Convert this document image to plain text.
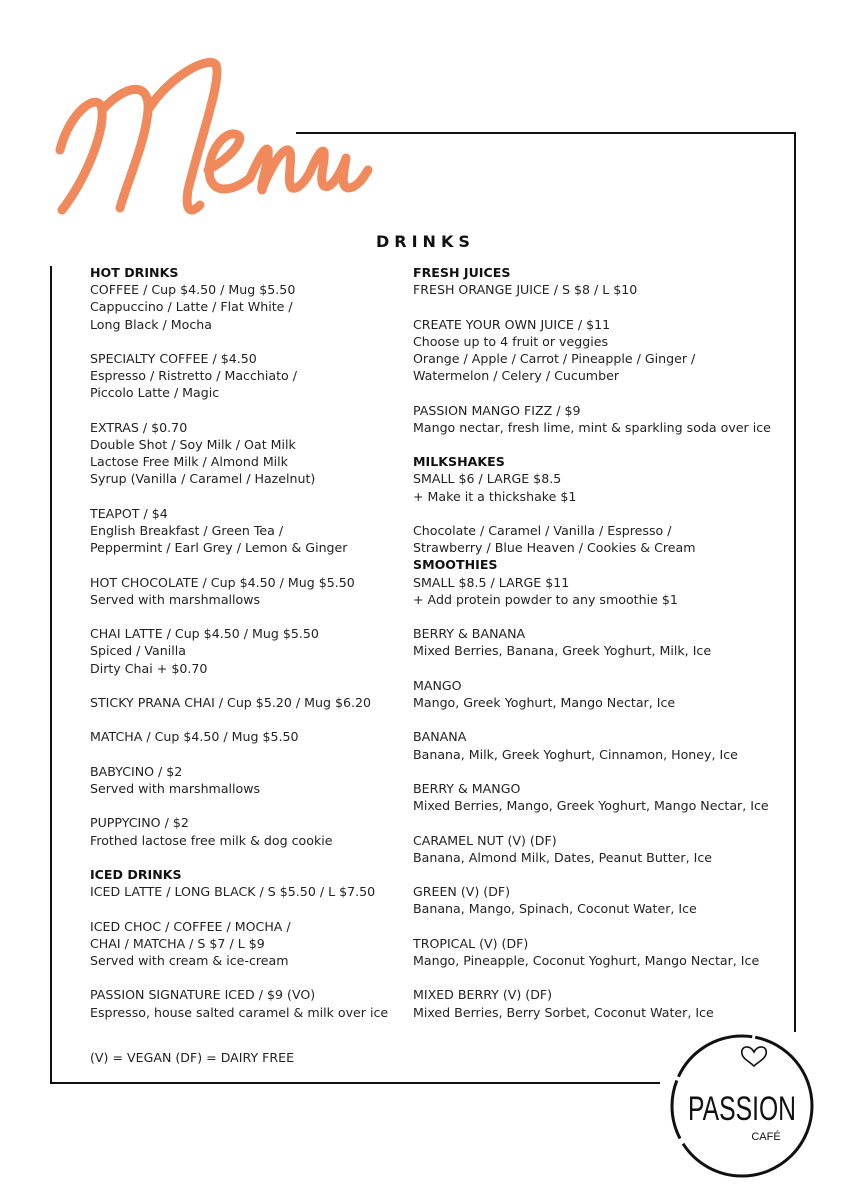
DRINKS
HOT DRINKS
COFFEE / Cup $4.50 / Mug $5.50
Cappuccino / Latte / Flat White /
Long Black / Mocha
SPECIALTY COFFEE / $4.50
Espresso / Ristretto / Macchiato /
Piccolo Latte / Magic
EXTRAS / $0.70
Double Shot / Soy Milk / Oat Milk
Lactose Free Milk / Almond Milk
Syrup (Vanilla / Caramel / Hazelnut)
TEAPOT / $4
English Breakfast / Green Tea /
Peppermint / Earl Grey / Lemon & Ginger
HOT CHOCOLATE / Cup $4.50 / Mug $5.50
Served with marshmallows
CHAI LATTE / Cup $4.50 / Mug $5.50
Spiced / Vanilla
Dirty Chai + $0.70
STICKY PRANA CHAI / Cup $5.20 / Mug $6.20
MATCHA / Cup $4.50 / Mug $5.50
BABYCINO / $2
Served with marshmallows
PUPPYCINO / $2
Frothed lactose free milk & dog cookie
ICED DRINKS
ICED LATTE / LONG BLACK / S $5.50 / L $7.50
ICED CHOC / COFFEE / MOCHA /
CHAI / MATCHA / S $7 / L $9
Served with cream & ice-cream
PASSION SIGNATURE ICED / $9 (VO)
Espresso, house salted caramel & milk over ice
FRESH JUICES
FRESH ORANGE JUICE / S $8 / L $10
CREATE YOUR OWN JUICE / $11
Choose up to 4 fruit or veggies
Orange / Apple / Carrot / Pineapple / Ginger /
Watermelon / Celery / Cucumber
PASSION MANGO FIZZ / $9
Mango nectar, fresh lime, mint & sparkling soda over ice
MILKSHAKES
SMALL $6 / LARGE $8.5
+ Make it a thickshake $1
Chocolate / Caramel / Vanilla / Espresso /
Strawberry / Blue Heaven / Cookies & Cream
SMOOTHIES
SMALL $8.5 / LARGE $11
+ Add protein powder to any smoothie $1
BERRY & BANANA
Mixed Berries, Banana, Greek Yoghurt, Milk, Ice
MANGO
Mango, Greek Yoghurt, Mango Nectar, Ice
BANANA
Banana, Milk, Greek Yoghurt, Cinnamon, Honey, Ice
BERRY & MANGO
Mixed Berries, Mango, Greek Yoghurt, Mango Nectar, Ice
CARAMEL NUT (V) (DF)
Banana, Almond Milk, Dates, Peanut Butter, Ice
GREEN (V) (DF)
Banana, Mango, Spinach, Coconut Water, Ice
TROPICAL (V) (DF)
Mango, Pineapple, Coconut Yoghurt, Mango Nectar, Ice
MIXED BERRY (V) (DF)
Mixed Berries, Berry Sorbet, Coconut Water, Ice
(V) = VEGAN (DF) = DAIRY FREE
PASSION
CAFÉ
